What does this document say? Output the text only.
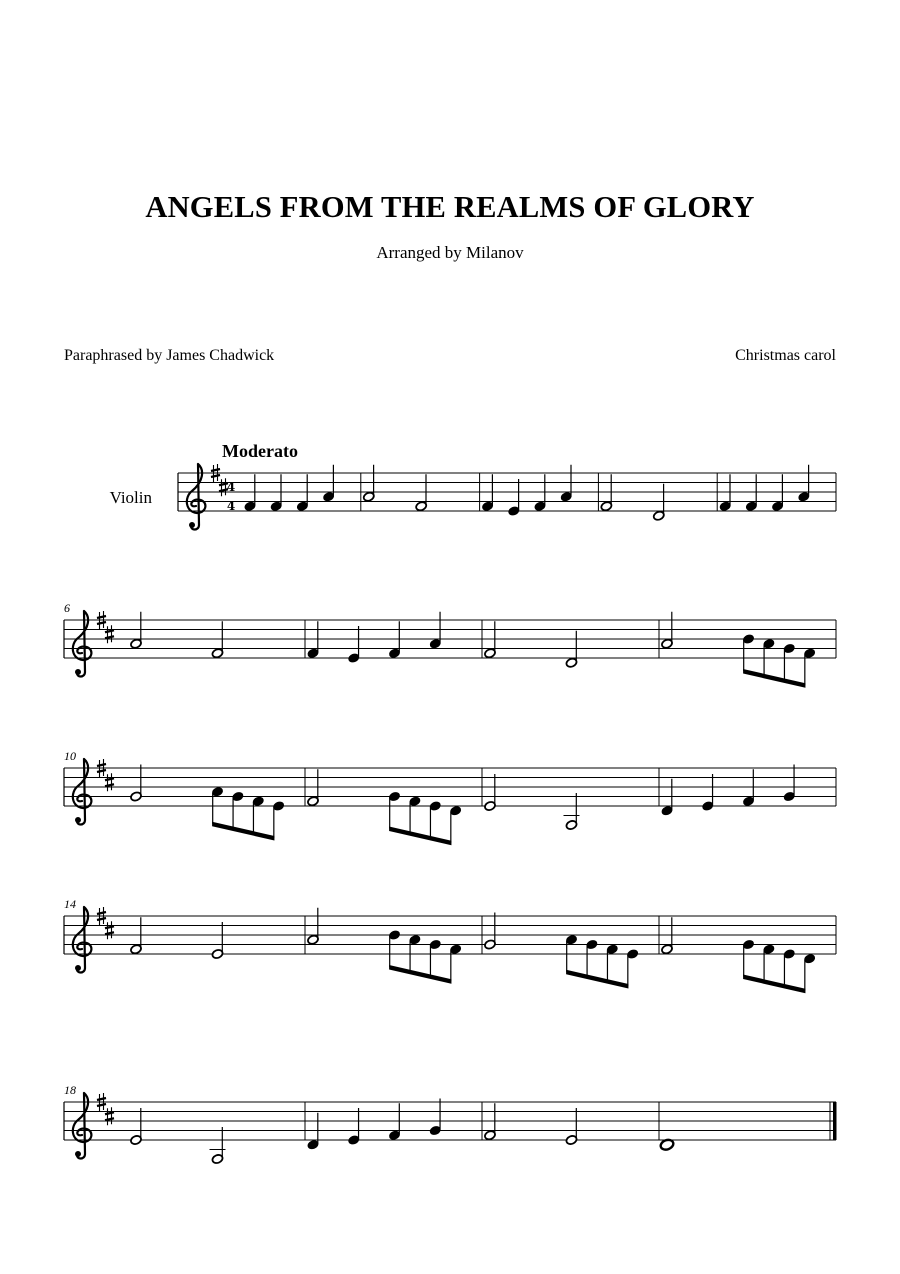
ANGELS FROM THE REALMS OF GLORY
Arranged by Milanov
Paraphrased by James Chadwick	Christmas carol
4
4
Moderato
Violin
6
10
14
18
